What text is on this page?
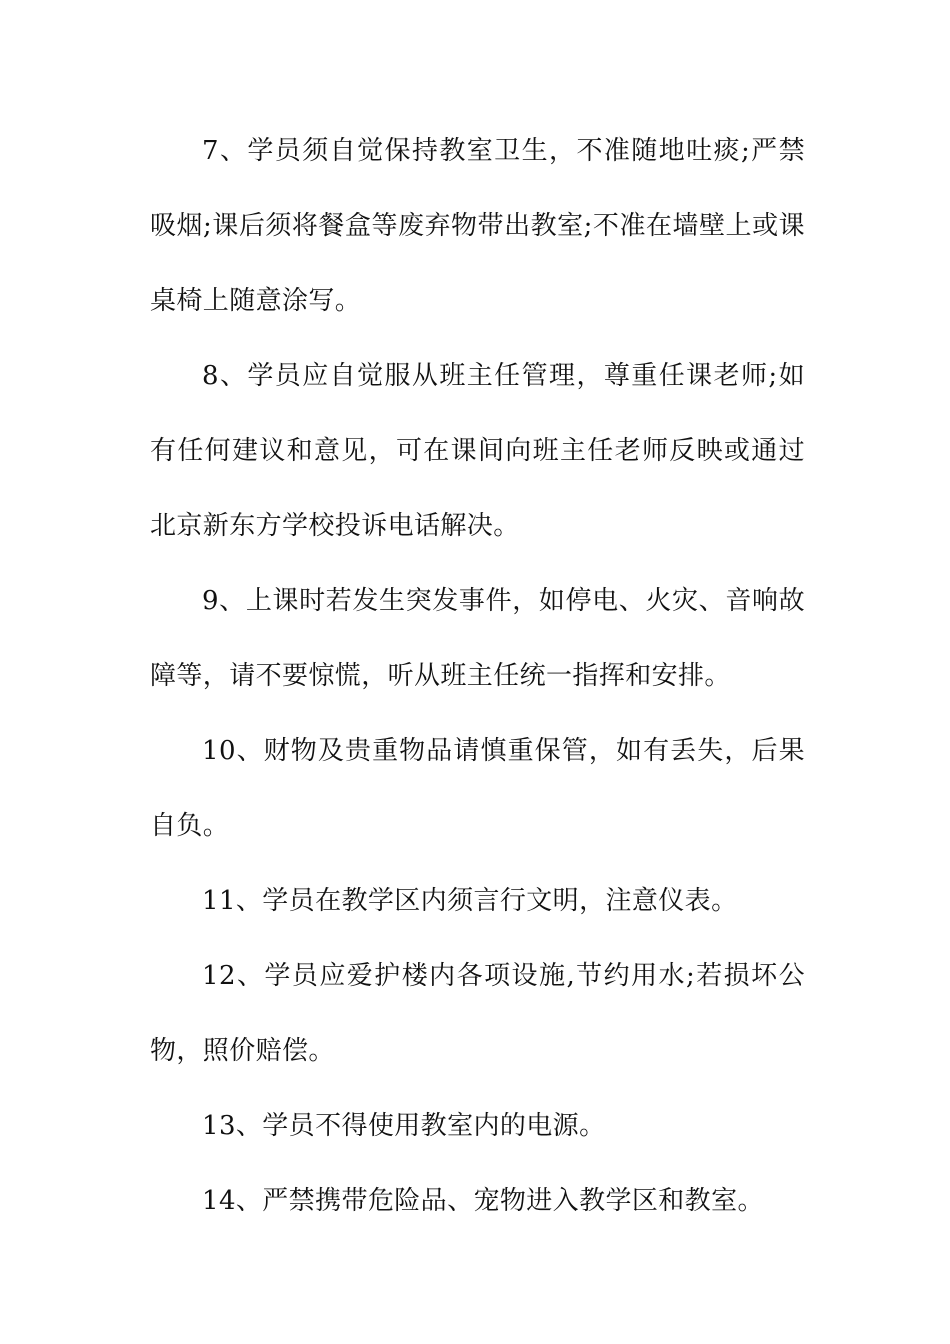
7、学员须自觉保持教室卫生，不准随地吐痰;严禁吸烟;课后须将餐盒等废弃物带出教室;不准在墙壁上或课桌椅上随意涂写。

8、学员应自觉服从班主任管理，尊重任课老师;如有任何建议和意见，可在课间向班主任老师反映或通过北京新东方学校投诉电话解决。

9、上课时若发生突发事件，如停电、火灾、音响故障等，请不要惊慌，听从班主任统一指挥和安排。

10、财物及贵重物品请慎重保管，如有丢失，后果自负。

11、学员在教学区内须言行文明，注意仪表。

12、学员应爱护楼内各项设施,节约用水;若损坏公物，照价赔偿。

13、学员不得使用教室内的电源。

14、严禁携带危险品、宠物进入教学区和教室。
